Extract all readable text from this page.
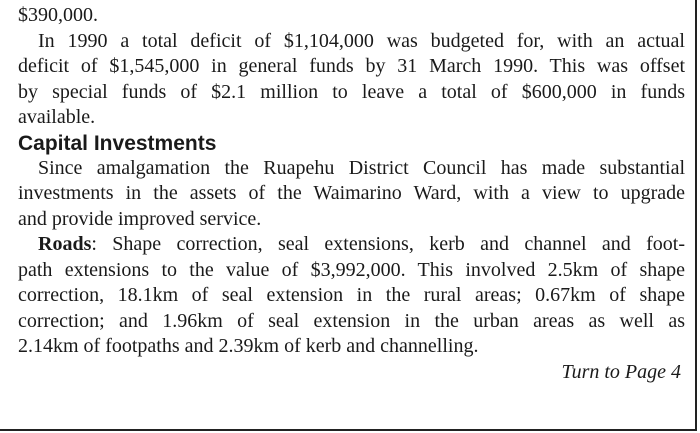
$390,000.
In 1990 a total deficit of $1,104,000 was budgeted for, with an actual
deficit of $1,545,000 in general funds by 31 March 1990. This was offset
by special funds of $2.1 million to leave a total of $600,000 in funds
available.
Capital Investments
Since amalgamation the Ruapehu District Council has made substantial
investments in the assets of the Waimarino Ward, with a view to upgrade
and provide improved service.
Roads: Shape correction, seal extensions, kerb and channel and foot-
path extensions to the value of $3,992,000. This involved 2.5km of shape
correction, 18.1km of seal extension in the rural areas; 0.67km of shape
correction; and 1.96km of seal extension in the urban areas as well as
2.14km of footpaths and 2.39km of kerb and channelling.
Turn to Page 4
